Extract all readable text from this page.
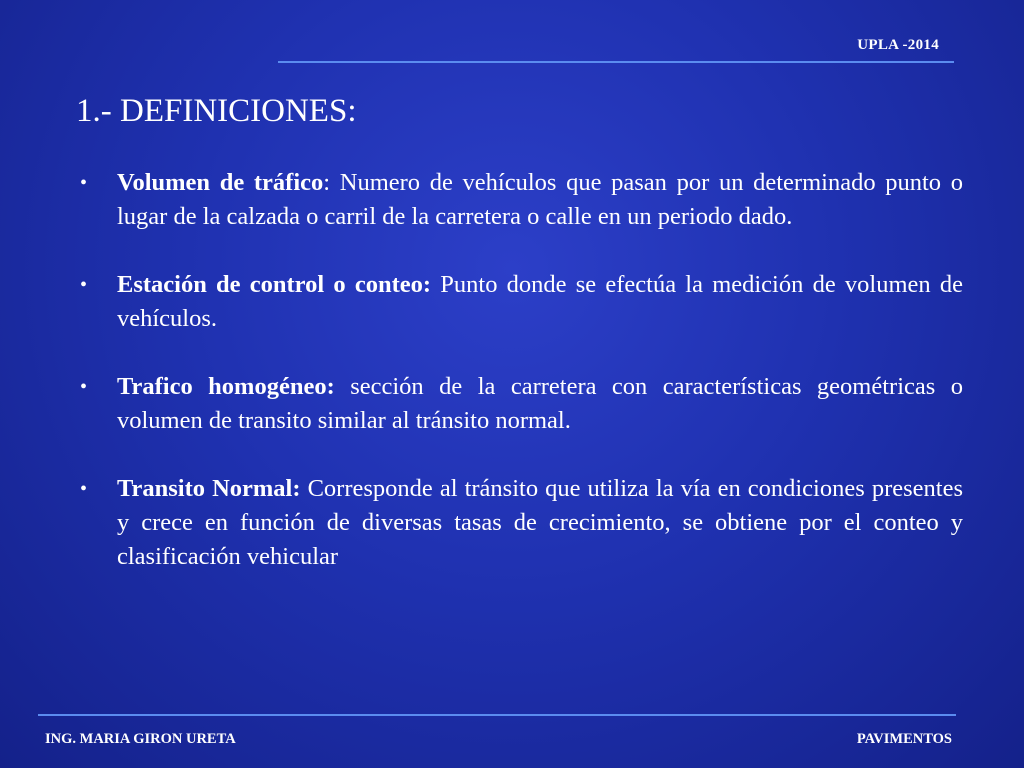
UPLA -2014
1.- DEFINICIONES:
• Volumen de tráfico: Numero de vehículos que pasan por un determinado punto o lugar de la calzada o carril de la carretera o calle en un periodo dado.
• Estación de control o conteo: Punto donde se efectúa la medición de volumen de vehículos.
• Trafico homogéneo: sección de la carretera con características geométricas o volumen de transito similar al tránsito normal.
• Transito Normal: Corresponde al tránsito que utiliza la vía en condiciones presentes y crece en función de diversas tasas de crecimiento, se obtiene por el conteo y clasificación vehicular
ING. MARIA GIRON URETA	PAVIMENTOS
